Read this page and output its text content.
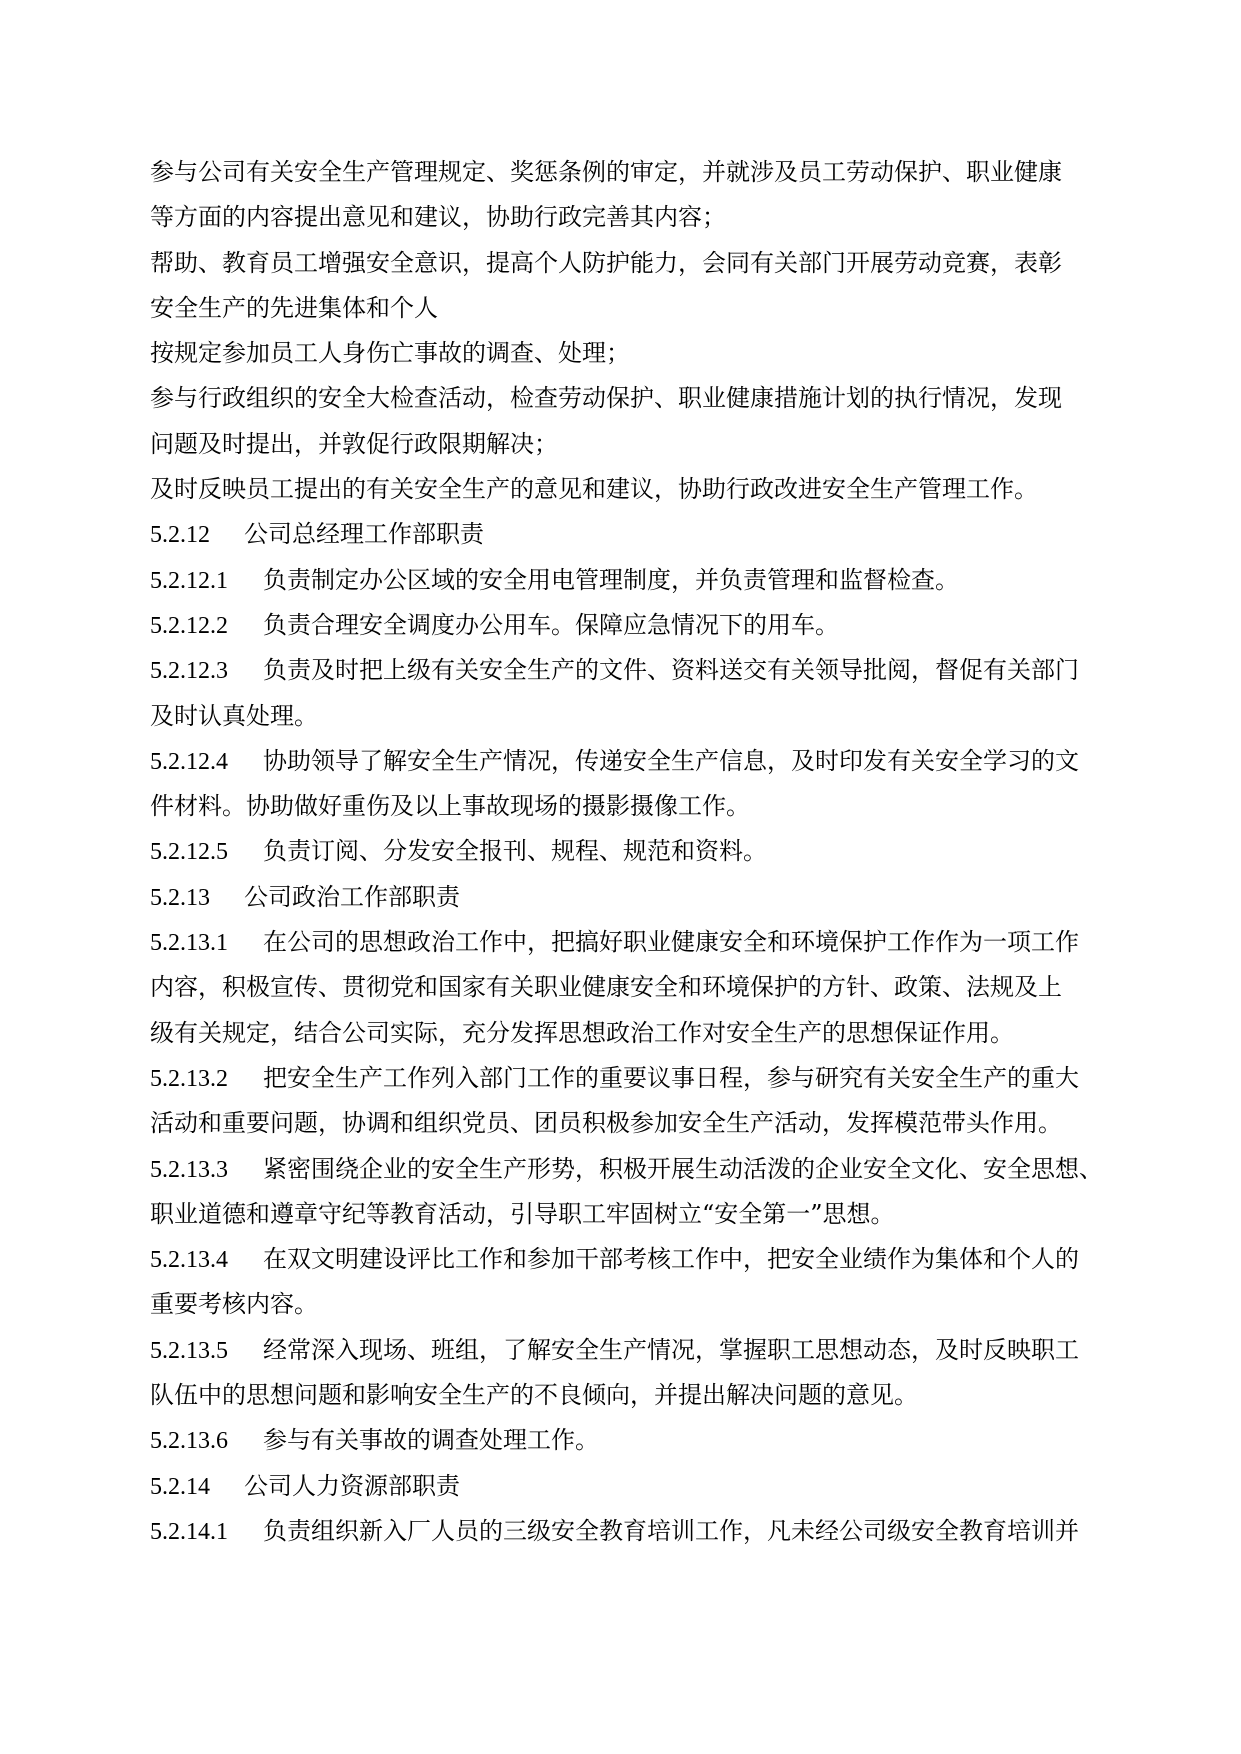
参与公司有关安全生产管理规定、奖惩条例的审定，并就涉及员工劳动保护、职业健康
等方面的内容提出意见和建议，协助行政完善其内容；
帮助、教育员工增强安全意识，提高个人防护能力，会同有关部门开展劳动竞赛，表彰
安全生产的先进集体和个人
按规定参加员工人身伤亡事故的调查、处理；
参与行政组织的安全大检查活动，检查劳动保护、职业健康措施计划的执行情况，发现
问题及时提出，并敦促行政限期解决；
及时反映员工提出的有关安全生产的意见和建议，协助行政改进安全生产管理工作。
5.2.12 公司总经理工作部职责
5.2.12.1 负责制定办公区域的安全用电管理制度，并负责管理和监督检查。
5.2.12.2 负责合理安全调度办公用车。保障应急情况下的用车。
5.2.12.3 负责及时把上级有关安全生产的文件、资料送交有关领导批阅，督促有关部门
及时认真处理。
5.2.12.4 协助领导了解安全生产情况，传递安全生产信息，及时印发有关安全学习的文
件材料。协助做好重伤及以上事故现场的摄影摄像工作。
5.2.12.5 负责订阅、分发安全报刊、规程、规范和资料。
5.2.13 公司政治工作部职责
5.2.13.1 在公司的思想政治工作中，把搞好职业健康安全和环境保护工作作为一项工作
内容，积极宣传、贯彻党和国家有关职业健康安全和环境保护的方针、政策、法规及上
级有关规定，结合公司实际，充分发挥思想政治工作对安全生产的思想保证作用。
5.2.13.2 把安全生产工作列入部门工作的重要议事日程，参与研究有关安全生产的重大
活动和重要问题，协调和组织党员、团员积极参加安全生产活动，发挥模范带头作用。
5.2.13.3 紧密围绕企业的安全生产形势，积极开展生动活泼的企业安全文化、安全思想、
职业道德和遵章守纪等教育活动，引导职工牢固树立“安全第一”思想。
5.2.13.4 在双文明建设评比工作和参加干部考核工作中，把安全业绩作为集体和个人的
重要考核内容。
5.2.13.5 经常深入现场、班组，了解安全生产情况，掌握职工思想动态，及时反映职工
队伍中的思想问题和影响安全生产的不良倾向，并提出解决问题的意见。
5.2.13.6 参与有关事故的调查处理工作。
5.2.14 公司人力资源部职责
5.2.14.1 负责组织新入厂人员的三级安全教育培训工作，凡未经公司级安全教育培训并
